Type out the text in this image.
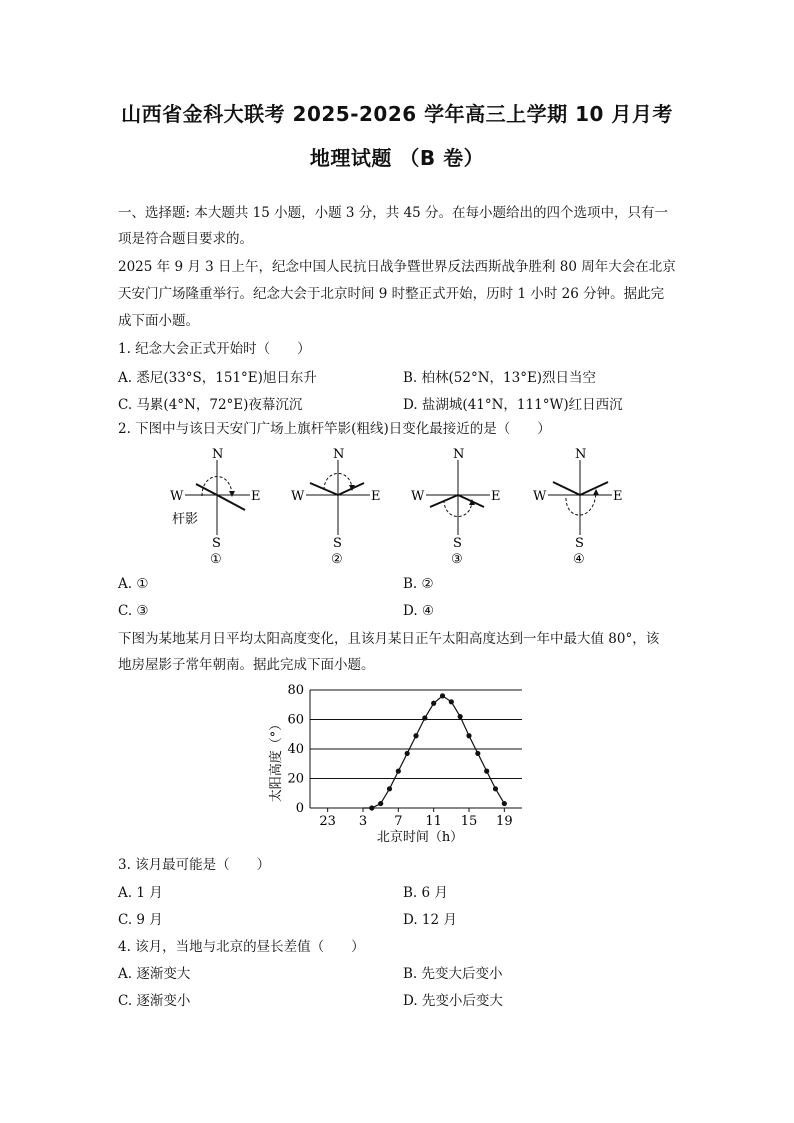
山西省金科大联考 2025-2026 学年高三上学期 10 月月考
地理试题 （B 卷）
一、选择题: 本大题共 15 小题，小题 3 分，共 45 分。在每小题给出的四个选项中，只有一
项是符合题目要求的。
2025 年 9 月 3 日上午，纪念中国人民抗日战争暨世界反法西斯战争胜利 80 周年大会在北京
天安门广场隆重举行。纪念大会于北京时间 9 时整正式开始，历时 1 小时 26 分钟。据此完
成下面小题。
1. 纪念大会正式开始时（　　）
A. 悉尼(33°S，151°E)旭日东升	B. 柏林(52°N，13°E)烈日当空
C. 马累(4°N，72°E)夜幕沉沉	D. 盐湖城(41°N，111°W)红日西沉
2. 下图中与该日天安门广场上旗杆竿影(粗线)日变化最接近的是（　　）
N
S
W	E
杆影
①
N
S
W	E
②
N
S
W	E
③
N
S
W	E
④
A. ①	B. ②
C. ③	D. ④
下图为某地某月日平均太阳高度变化，且该月某日正午太阳高度达到一年中最大值 80°，该
地房屋影子常年朝南。据此完成下面小题。
0
20
40
60
80
23 3 7 11 15 19
北京时间（h）
太阳高度（°）
3. 该月最可能是（　　）
A. 1 月	B. 6 月
C. 9 月	D. 12 月
4. 该月，当地与北京的昼长差值（　　）
A. 逐渐变大	B. 先变大后变小
C. 逐渐变小	D. 先变小后变大
